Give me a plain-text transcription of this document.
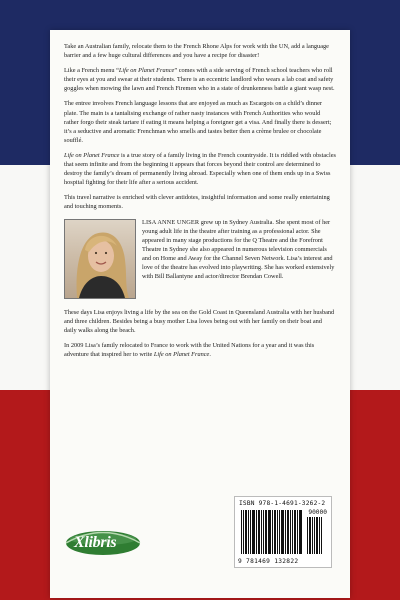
Take an Australian family, relocate them to the French Rhone Alps for work with the UN, add a language barrier and a few huge cultural differences and you have a recipe for disaster!

Like a French menu “Life on Planet France” comes with a side serving of French school teachers who roll their eyes at you and swear at their students. There is an eccentric landlord who wears a lab coat and safety goggles when mowing the lawn and French Firemen who in a state of drunkenness battle a giant wasp nest.

The entree involves French language lessons that are enjoyed as much as Escargots on a child’s dinner plate. The main is a tantalising exchange of rather nasty instances with French Authorities who would rather forgo their steak tartare if eating it means helping a foreigner get a visa. And finally there is dessert; it’s a seductive and aromatic Frenchman who smells and tastes better then a crème brulee or chocolate soufflé.

Life on Planet France is a true story of a family living in the French countryside. It is riddled with obstacles that seem infinite and from the beginning it appears that forces beyond their control are determined to destroy the family’s dream of permanently living abroad. Especially when one of them ends up in a Swiss hospital fighting for their life after a serious accident.

This travel narrative is enriched with clever antidotes, insightful information and some really entertaining and touching moments.

LISA ANNE UNGER grew up in Sydney Australia. She spent most of her young adult life in the theatre after training as a professional actor. She appeared in many stage productions for the Q Theatre and the Forefront Theatre in Sydney she also appeared in numerous television commercials and on Home and Away for the Channel Seven Network. Lisa’s interest and love of the theatre has evolved into playwriting. She has worked extensively with Bill Ballantyne and actor/director Brendan Cowell.

These days Lisa enjoys living a life by the sea on the Gold Coast in Queensland Australia with her husband and three children. Besides being a busy mother Lisa loves being out with her family on their boat and daily walks along the beach.

In 2009 Lisa’s family relocated to France to work with the United Nations for a year and it was this adventure that inspired her to write Life on Planet France.

Xlibris
ISBN 978-1-4691-3262-2
90000
9 781469 132822
